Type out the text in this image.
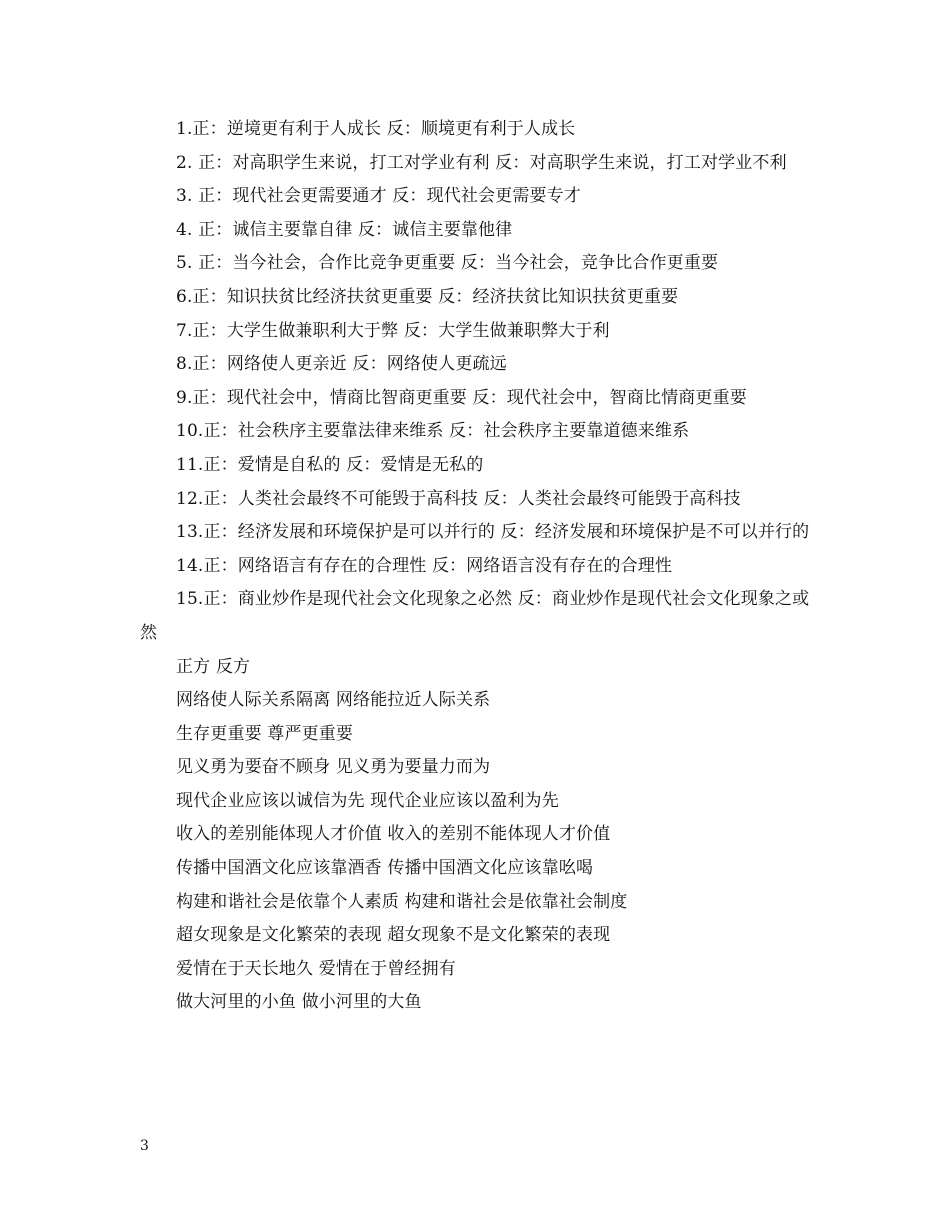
1.正：逆境更有利于人成长 反：顺境更有利于人成长

2. 正：对高职学生来说，打工对学业有利 反：对高职学生来说，打工对学业不利

3. 正：现代社会更需要通才 反：现代社会更需要专才

4. 正：诚信主要靠自律 反：诚信主要靠他律

5. 正：当今社会，合作比竞争更重要 反：当今社会，竞争比合作更重要

6.正：知识扶贫比经济扶贫更重要 反：经济扶贫比知识扶贫更重要

7.正：大学生做兼职利大于弊 反：大学生做兼职弊大于利

8.正：网络使人更亲近 反：网络使人更疏远

9.正：现代社会中，情商比智商更重要 反：现代社会中，智商比情商更重要

10.正：社会秩序主要靠法律来维系 反：社会秩序主要靠道德来维系

11.正：爱情是自私的 反：爱情是无私的

12.正：人类社会最终不可能毁于高科技 反：人类社会最终可能毁于高科技

13.正：经济发展和环境保护是可以并行的 反：经济发展和环境保护是不可以并行的

14.正：网络语言有存在的合理性 反：网络语言没有存在的合理性

15.正：商业炒作是现代社会文化现象之必然 反：商业炒作是现代社会文化现象之或然

正方 反方

网络使人际关系隔离 网络能拉近人际关系

生存更重要 尊严更重要

见义勇为要奋不顾身 见义勇为要量力而为

现代企业应该以诚信为先 现代企业应该以盈利为先

收入的差别能体现人才价值 收入的差别不能体现人才价值

传播中国酒文化应该靠酒香 传播中国酒文化应该靠吆喝

构建和谐社会是依靠个人素质 构建和谐社会是依靠社会制度

超女现象是文化繁荣的表现 超女现象不是文化繁荣的表现

爱情在于天长地久 爱情在于曾经拥有

做大河里的小鱼 做小河里的大鱼

3
